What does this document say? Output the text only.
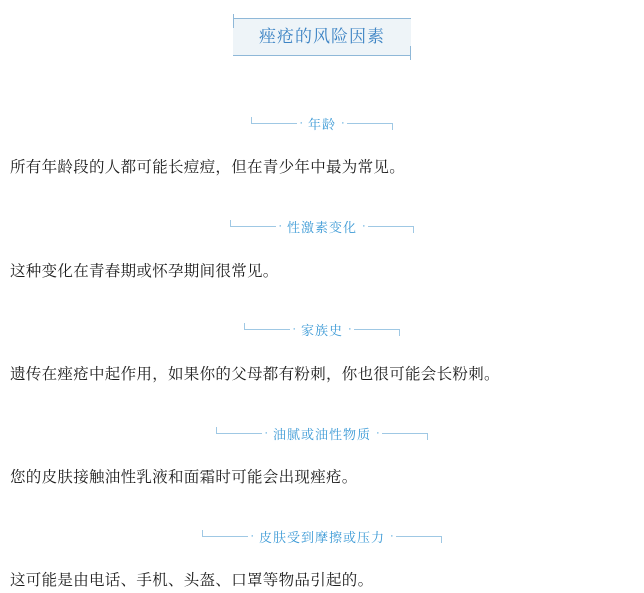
痤疮的风险因素
· 年龄 ·
所有年龄段的人都可能长痘痘，但在青少年中最为常见。
· 性激素变化 ·
这种变化在青春期或怀孕期间很常见。
· 家族史 ·
遗传在痤疮中起作用，如果你的父母都有粉刺，你也很可能会长粉刺。
· 油腻或油性物质 ·
您的皮肤接触油性乳液和面霜时可能会出现痤疮。
· 皮肤受到摩擦或压力 ·
这可能是由电话、手机、头盔、口罩等物品引起的。
